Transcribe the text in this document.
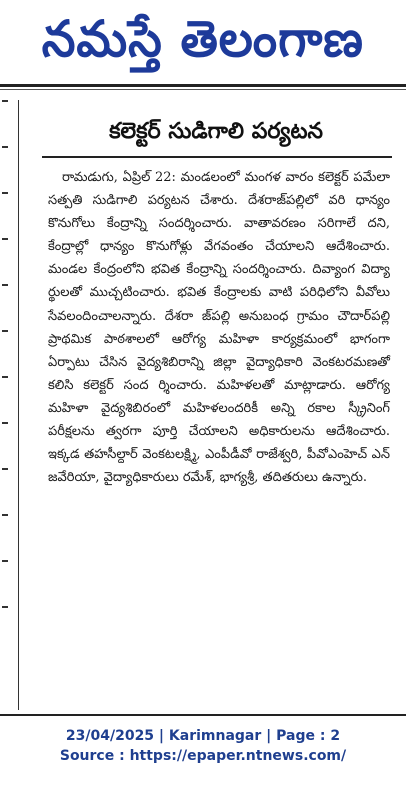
నమస్తే తెలంగాణ
కలెక్టర్ సుడిగాలి పర్యటన

రామడుగు, ఏప్రిల్ 22: మండలంలో మంగళ వారం కలెక్టర్ పమేలా సత్పతి సుడిగాలి పర్యటన చేశారు. దేశరాజ్‌పల్లిలో వరి ధాన్యం కొనుగోలు కేంద్రాన్ని సందర్శించారు. వాతావరణం సరిగాలే దని, కేంద్రాల్లో ధాన్యం కొనుగోళ్లు వేగవంతం చేయాలని ఆదేశించారు. మండల కేంద్రంలోని భవిత కేంద్రాన్ని సందర్శించారు. దివ్యాంగ విద్యా ర్థులతో ముచ్చటించారు. భవిత కేంద్రాలకు వాటి పరిధిలోని వీవోలు సేవలందించాలన్నారు. దేశరా జ్‌పల్లి అనుబంధ గ్రామం చౌదార్‌పల్లి ప్రాథమిక పాఠశాలలో ఆరోగ్య మహిళా కార్యక్రమంలో భాగంగా ఏర్పాటు చేసిన వైద్యశిబిరాన్ని జిల్లా వైద్యాధికారి వెంకటరమణతో కలిసి కలెక్టర్ సంద ర్శించారు. మహిళలతో మాట్లాడారు. ఆరోగ్య మహిళా వైద్యశిబిరంలో మహిళలందరికీ అన్ని రకాల స్క్రీనింగ్ పరీక్షలను త్వరగా పూర్తి చేయాలని అధికారులను ఆదేశించారు. ఇక్కడ తహసీల్దార్ వెంకటలక్ష్మి, ఎంపీడీవో రాజేశ్వరి, పీవోఎంహెచ్ ఎన్ జవేరియా, వైద్యాధికారులు రమేశ్, భాగ్యశ్రీ, తదితరులు ఉన్నారు.

23/04/2025 | Karimnagar | Page : 2
Source : https://epaper.ntnews.com/
